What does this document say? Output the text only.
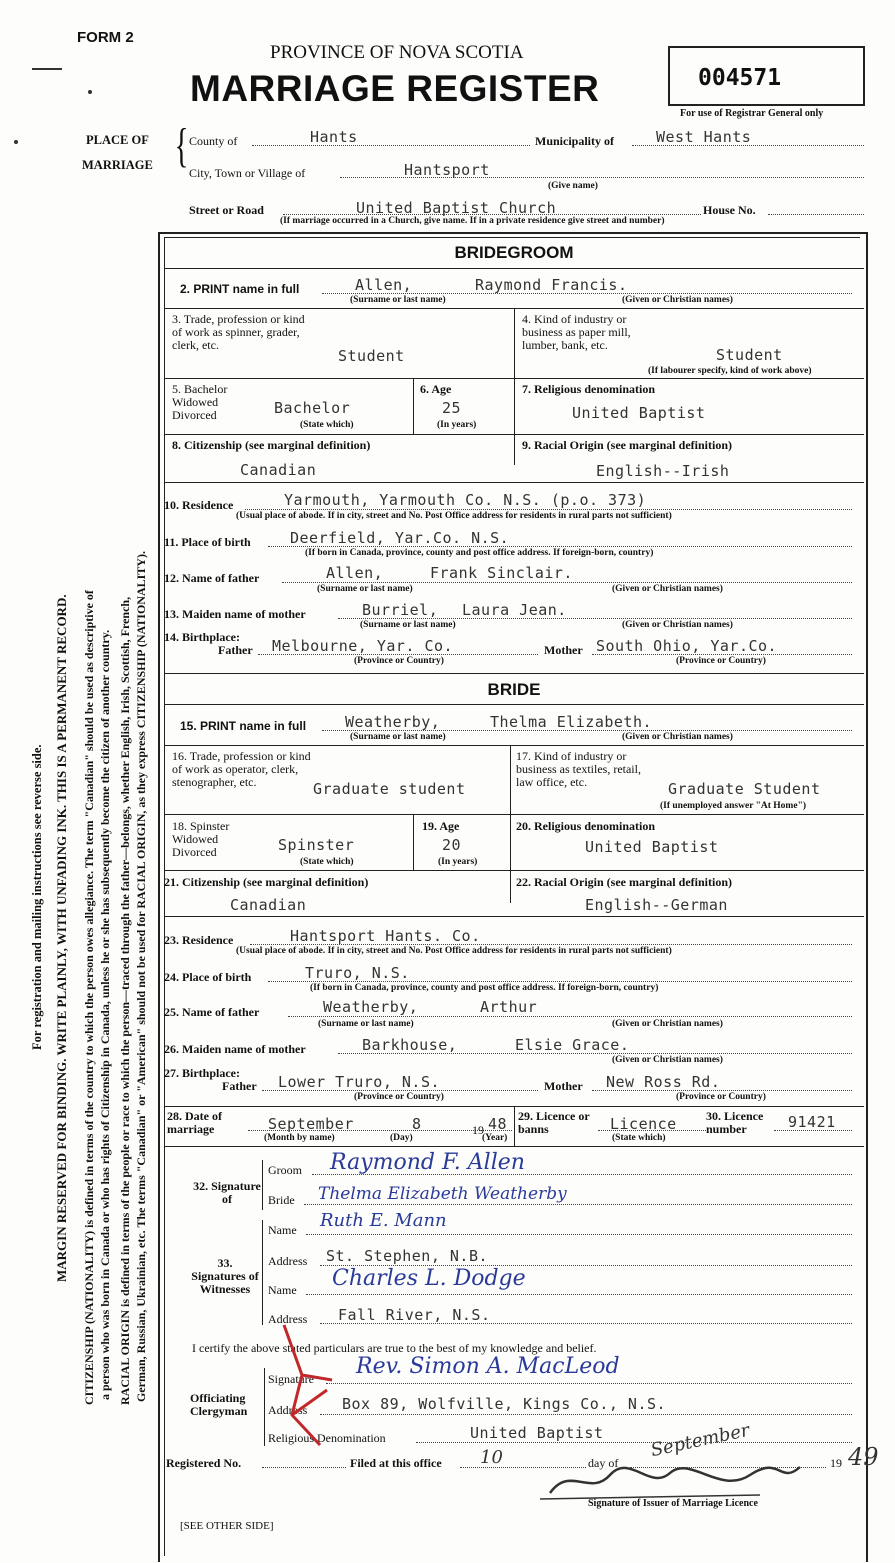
For registration and mailing instructions see reverse side. MARGIN RESERVED FOR BINDING. WRITE PLAINLY, WITH UNFADING INK. THIS IS A PERMANENT RECORD. CITIZENSHIP (NATIONALITY) is defined in terms of the country to which the person owes allegiance. The term "Canadian" should be used as descriptive of a person who was born in Canada or who has rights of Citizenship in Canada, unless he or she has subsequently become the citizen of another country. RACIAL ORIGIN is defined in terms of the people or race to which the person—traced through the father—belongs, whether English, Irish, Scottish, French, German, Russian, Ukrainian, etc. The terms "Canadian" or "American" should not be used for RACIAL ORIGIN, as they express CITIZENSHIP (NATIONALITY).
FORM 2
PROVINCE OF NOVA SCOTIA
MARRIAGE REGISTER	004571
For use of Registrar General only
PLACE OF
MARRIAGE { County of	Hants	Municipality of	West Hants
City, Town or Village of	Hantsport
(Give name)
Street or Road	United Baptist Church	House No.
(If marriage occurred in a Church, give name. If in a private residence give street and number)
BRIDEGROOM
2. PRINT name in full	Allen,	Raymond Francis.
(Surname or last name)	(Given or Christian names)
3. Trade, profession or kind of work as spinner, grader, clerk, etc.
Student
4. Kind of industry or business as paper mill, lumber, bank, etc.
Student
(If labourer specify, kind of work above)
5. Bachelor Widowed Divorced	Bachelor
(State which)
6. Age
25
(In years)
7. Religious denomination
United Baptist
8. Citizenship (see marginal definition)
Canadian
9. Racial Origin (see marginal definition)
English--Irish
10. Residence	Yarmouth, Yarmouth Co. N.S. (p.o. 373)
(Usual place of abode. If in city, street and No. Post Office address for residents in rural parts not sufficient)
11. Place of birth	Deerfield, Yar.Co. N.S.
(If born in Canada, province, county and post office address. If foreign-born, country)
12. Name of father	Allen,	Frank Sinclair.
(Surname or last name)	(Given or Christian names)
13. Maiden name of mother	Burriel, Laura Jean.
(Surname or last name)	(Given or Christian names)
14. Birthplace:
Father Melbourne, Yar. Co.	Mother South Ohio, Yar.Co.
(Province or Country)	(Province or Country)
BRIDE
15. PRINT name in full	Weatherby,	Thelma Elizabeth.
(Surname or last name)	(Given or Christian names)
16. Trade, profession or kind of work as operator, clerk, stenographer, etc.	Graduate student
17. Kind of industry or business as textiles, retail, law office, etc.	Graduate Student
(If unemployed answer "At Home")
18. Spinster Widowed Divorced	Spinster
(State which)
19. Age
20
(In years)
20. Religious denomination
United Baptist
21. Citizenship (see marginal definition)
Canadian
22. Racial Origin (see marginal definition)
English--German
23. Residence	Hantsport Hants. Co.
(Usual place of abode. If in city, street and No. Post Office address for residents in rural parts not sufficient)
24. Place of birth	Truro, N.S.
(If born in Canada, province, county and post office address. If foreign-born, country)
25. Name of father	Weatherby,	Arthur
(Surname or last name)	(Given or Christian names)
26. Maiden name of mother	Barkhouse,	Elsie Grace.
(Given or Christian names)
27. Birthplace:
Father Lower Truro, N.S.	Mother New Ross Rd.
(Province or Country)	(Province or Country)
28. Date of marriage	September	8	19 48
(Month by name)	(Day)	(Year)
29. Licence or banns	Licence
(State which)
30. Licence number	91421
32. Signature of
Groom Raymond F. Allen
Bride Thelma Elizabeth Weatherby
33. Signatures of Witnesses
Name Ruth E. Mann
Address St. Stephen, N.B.
Name Charles L. Dodge
Address Fall River, N.S.
I certify the above stated particulars are true to the best of my knowledge and belief.
Officiating Clergyman
Signature Rev. Simon A. MacLeod
Address Box 89, Wolfville, Kings Co., N.S.
Religious Denomination	United Baptist
Registered No.	Filed at this office 10	day of
September
19 49
Signature of Issuer of Marriage Licence
[SEE OTHER SIDE]
